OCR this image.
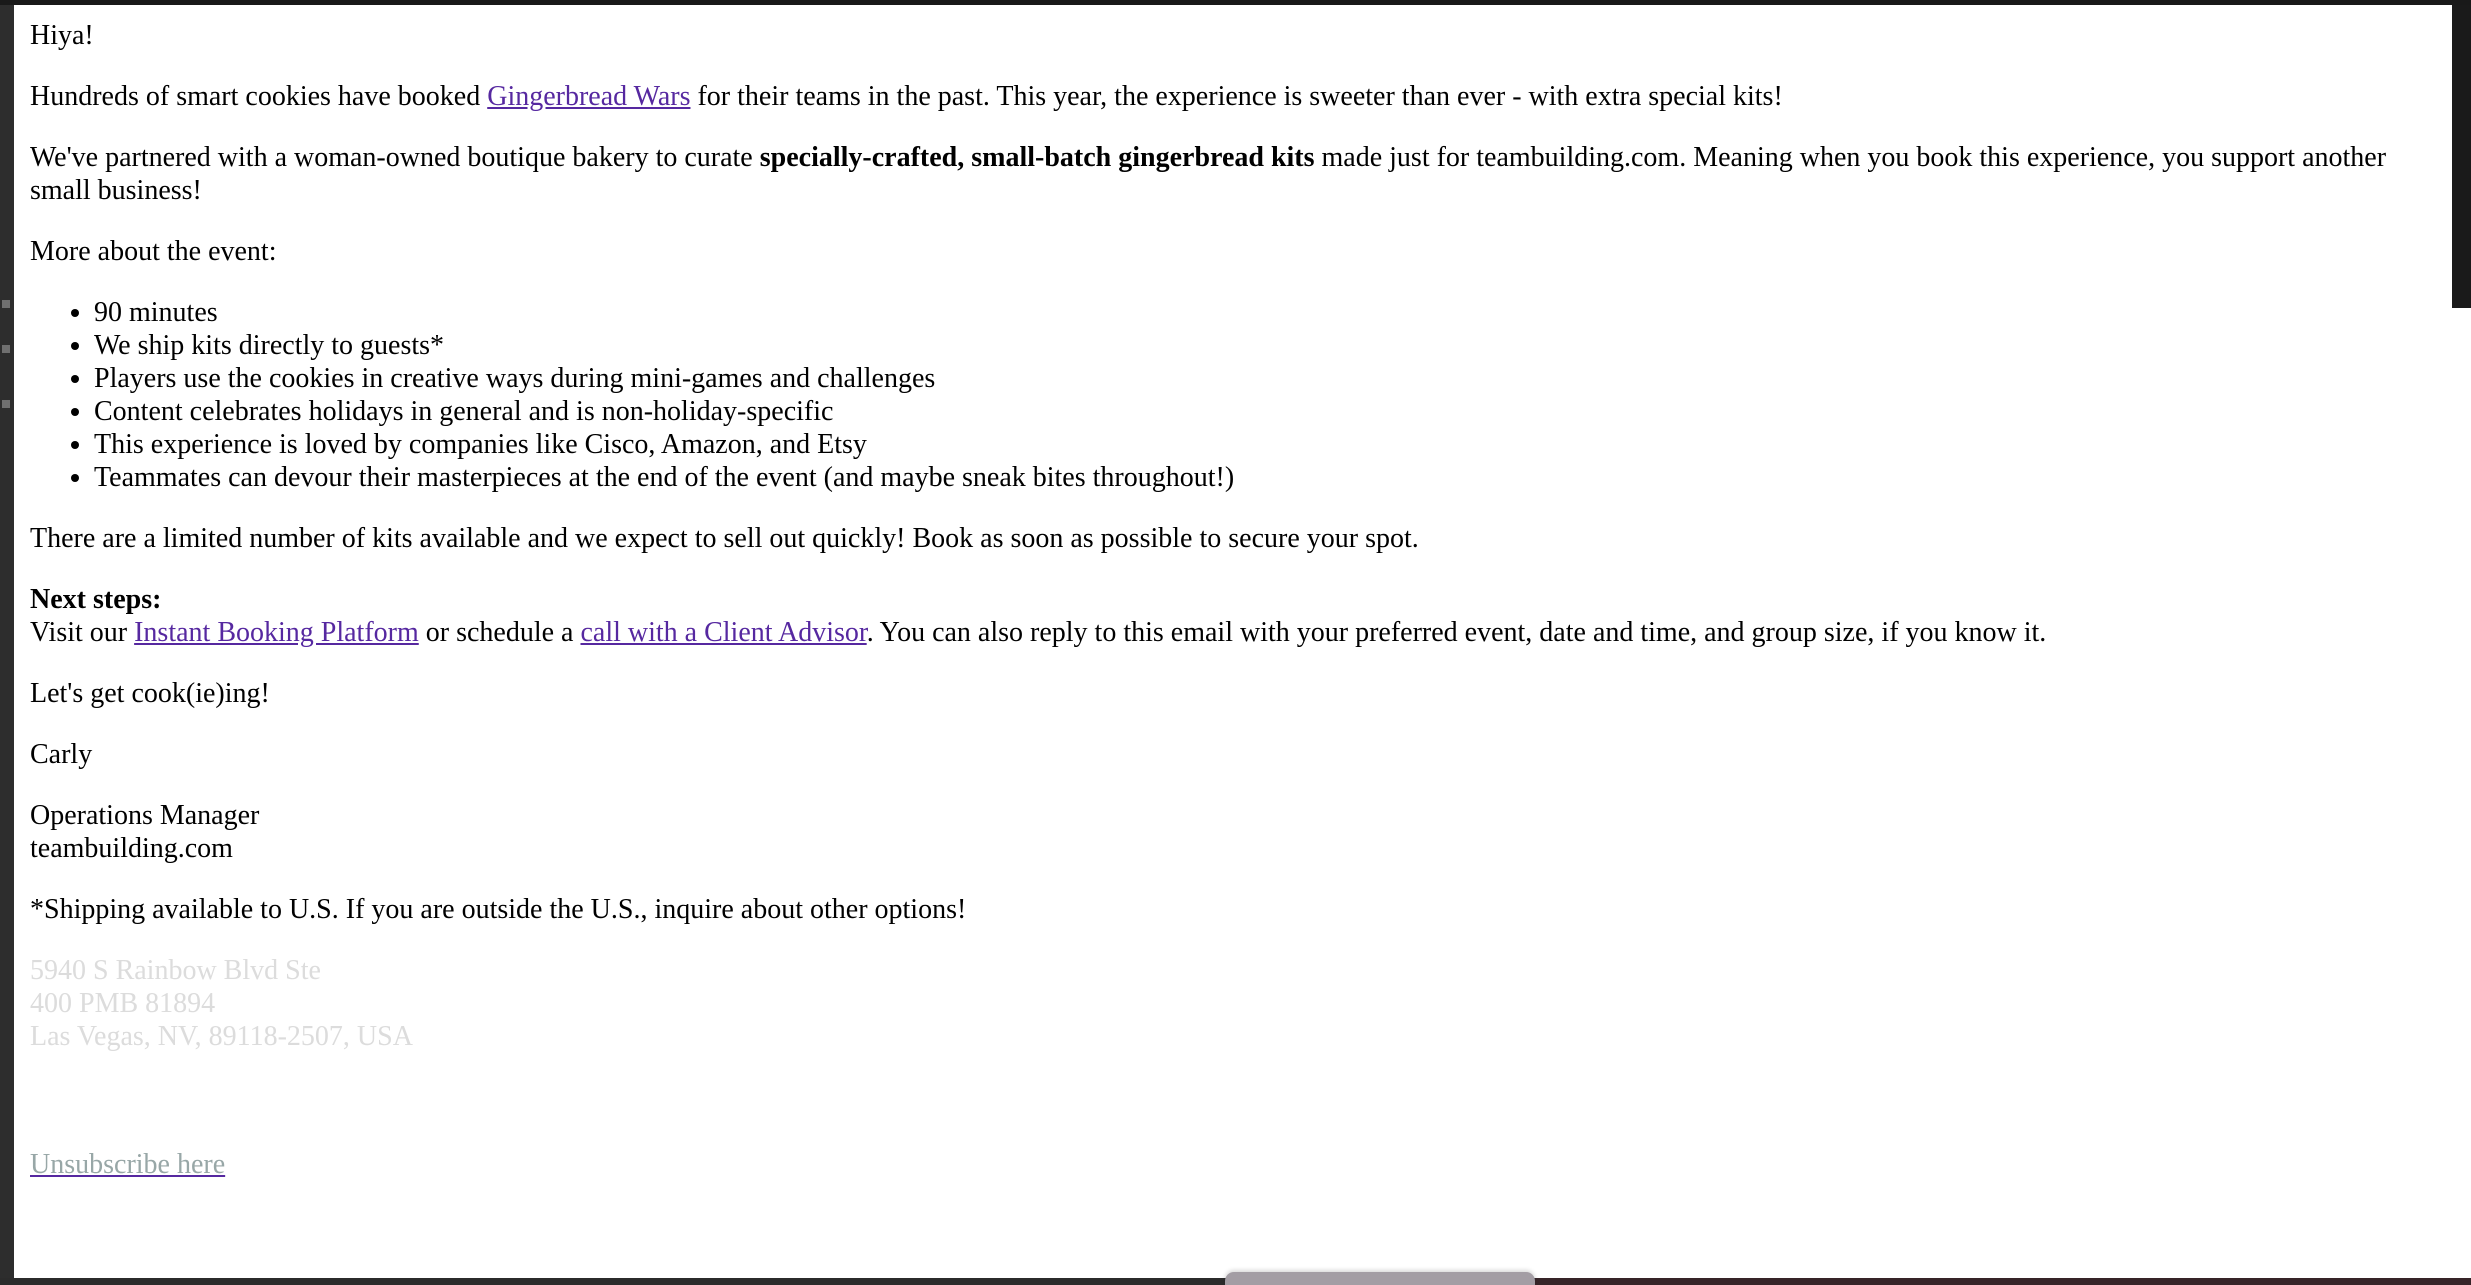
Hiya!

Hundreds of smart cookies have booked Gingerbread Wars for their teams in the past. This year, the experience is sweeter than ever - with extra special kits!

We've partnered with a woman-owned boutique bakery to curate specially-crafted, small-batch gingerbread kits made just for teambuilding.com. Meaning when you book this experience, you support another small business!

More about the event:

• 90 minutes
• We ship kits directly to guests*
• Players use the cookies in creative ways during mini-games and challenges
• Content celebrates holidays in general and is non-holiday-specific
• This experience is loved by companies like Cisco, Amazon, and Etsy
• Teammates can devour their masterpieces at the end of the event (and maybe sneak bites throughout!)

There are a limited number of kits available and we expect to sell out quickly! Book as soon as possible to secure your spot.

Next steps:
Visit our Instant Booking Platform or schedule a call with a Client Advisor. You can also reply to this email with your preferred event, date and time, and group size, if you know it.

Let's get cook(ie)ing!

Carly

Operations Manager
teambuilding.com

*Shipping available to U.S. If you are outside the U.S., inquire about other options!

5940 S Rainbow Blvd Ste
400 PMB 81894
Las Vegas, NV, 89118-2507, USA

Unsubscribe here
